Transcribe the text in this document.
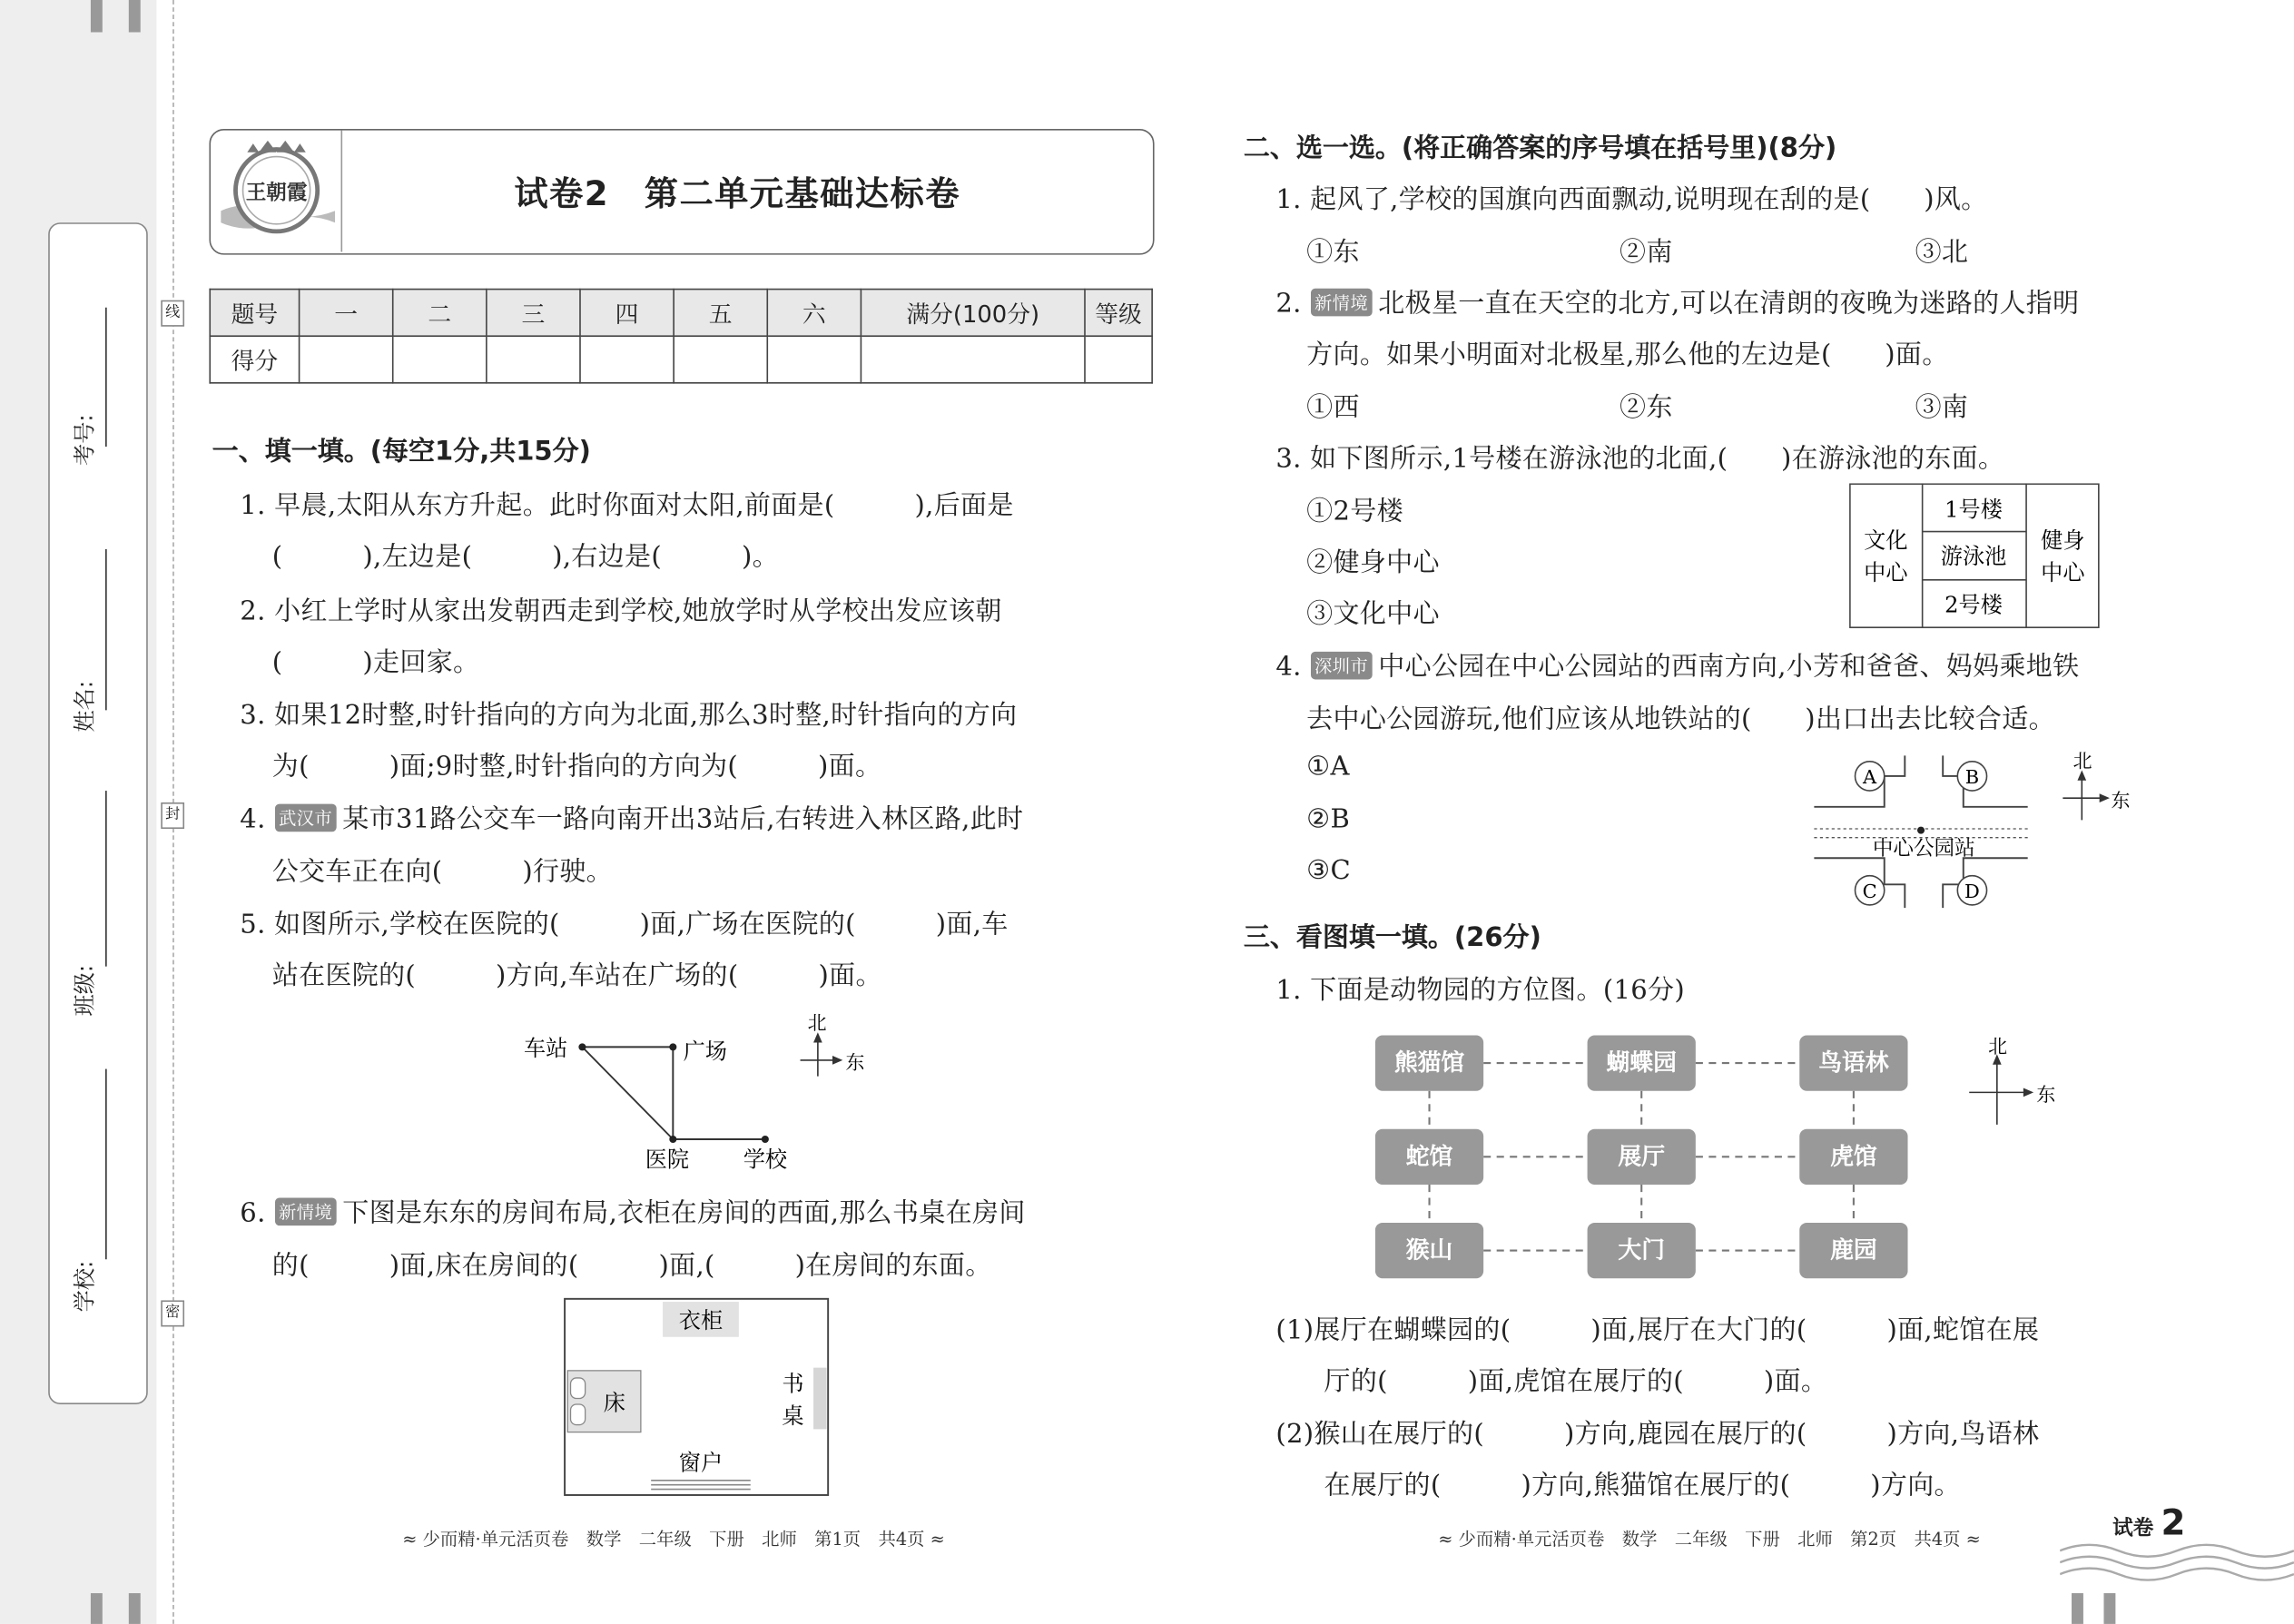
考号:
姓名:
班级:
学校:
线
封
密
王朝霞	试卷2　第二单元基础达标卷
题号	一	二	三	四	五	六	满分(100分)	等级
得分								
一、填一填。(每空1分,共15分)
1. 早晨,太阳从东方升起。此时你面对太阳,前面是(　　　),后面是
(　　　),左边是(　　　),右边是(　　　)。
2. 小红上学时从家出发朝西走到学校,她放学时从学校出发应该朝
(　　　)走回家。
3. 如果12时整,时针指向的方向为北面,那么3时整,时针指向的方向
为(　　　)面;9时整,时针指向的方向为(　　　)面。
4. 武汉市 某市31路公交车一路向南开出3站后,右转进入林区路,此时
公交车正在向(　　　)行驶。
5. 如图所示,学校在医院的(　　　)面,广场在医院的(　　　)面,车
站在医院的(　　　)方向,车站在广场的(　　　)面。
车站	广场
医院	学校
北
东
6. 新情境 下图是东东的房间布局,衣柜在房间的西面,那么书桌在房间
的(　　　)面,床在房间的(　　　)面,(　　　)在房间的东面。
衣柜
床
书
桌
窗户
≈ 少而精·单元活页卷　数学　二年级　下册　北师　第1页　共4页 ≈
二、选一选。(将正确答案的序号填在括号里)(8分)
1. 起风了,学校的国旗向西面飘动,说明现在刮的是(　　)风。
①东	②南	③北
2. 新情境 北极星一直在天空的北方,可以在清朗的夜晚为迷路的人指明
方向。如果小明面对北极星,那么他的左边是(　　)面。
①西	②东	③南
3. 如下图所示,1号楼在游泳池的北面,(　　)在游泳池的东面。
①2号楼
②健身中心
③文化中心
文化
中心
1号楼
游泳池
2号楼
健身
中心
4. 深圳市 中心公园在中心公园站的西南方向,小芳和爸爸、妈妈乘地铁
去中心公园游玩,他们应该从地铁站的(　　)出口出去比较合适。
①A
②B
③C
A	B
C	D
中心公园站
北
东
三、看图填一填。(26分)
1. 下面是动物园的方位图。(16分)
熊猫馆	蝴蝶园	鸟语林
蛇馆	展厅	虎馆
猴山	大门	鹿园
北
东
(1)展厅在蝴蝶园的(　　　)面,展厅在大门的(　　　)面,蛇馆在展
厅的(　　　)面,虎馆在展厅的(　　　)面。
(2)猴山在展厅的(　　　)方向,鹿园在展厅的(　　　)方向,鸟语林
在展厅的(　　　)方向,熊猫馆在展厅的(　　　)方向。
≈ 少而精·单元活页卷　数学　二年级　下册　北师　第2页　共4页 ≈	试卷 2
